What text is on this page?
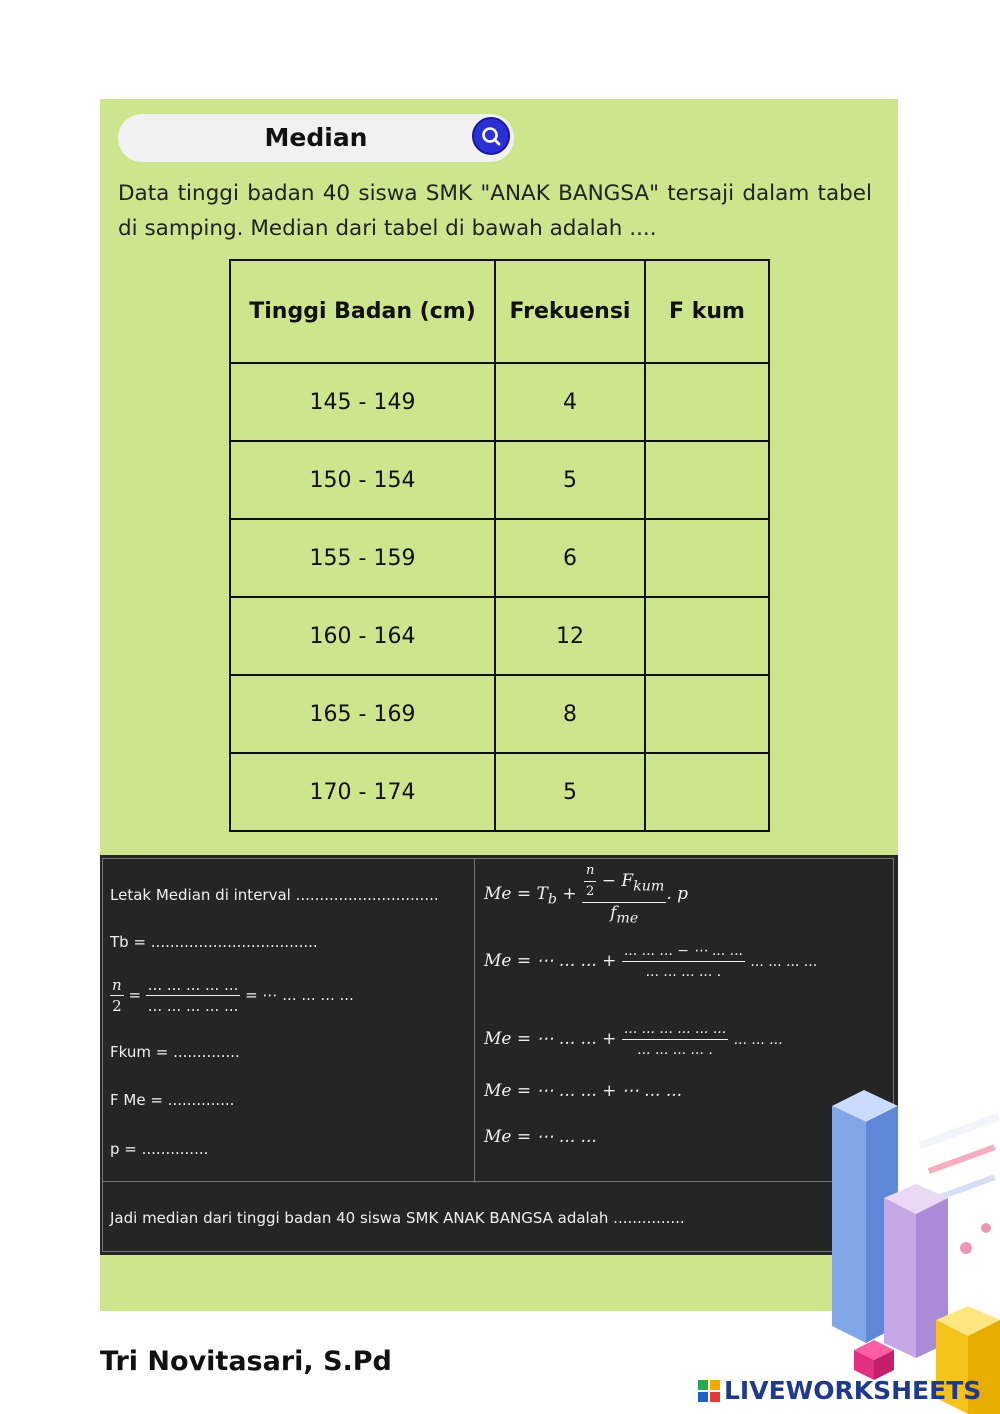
Median
Data tinggi badan 40 siswa SMK "ANAK BANGSA" tersaji dalam tabel di samping. Median dari tabel di bawah adalah ....
Tinggi Badan (cm)	Frekuensi	F kum
145 - 149	4	
150 - 154	5	
155 - 159	6	
160 - 164	12	
165 - 169	8	
170 - 174	5	
Letak Median di interval ..............................
Tb = ...................................
$\frac{n}{2} = \frac{... ... ... ... ...}{... ... ... ... ...}$ = ⋯ ... ... ... ...
Fkum = ..............
F Me = ..............
p = ..............
$Me = T_b + \frac{\frac{n}{2} - F_{kum}}{f_{me}}$ . p
Me = ⋯ ... ... + $\frac{... ... ... - \cdots ... ...}{... ... ... ... .}$ ... ... ... ...
Me = ⋯ ... ... + $\frac{... ... ... ... ... ...}{... ... ... ... .}$ ... ... ...
Me = ⋯ ... ... + ⋯ ... ...
Me = ⋯ ... ...
Jadi median dari tinggi badan 40 siswa SMK ANAK BANGSA adalah ...............
Tri Novitasari, S.Pd
LIVEWORKSHEETS
